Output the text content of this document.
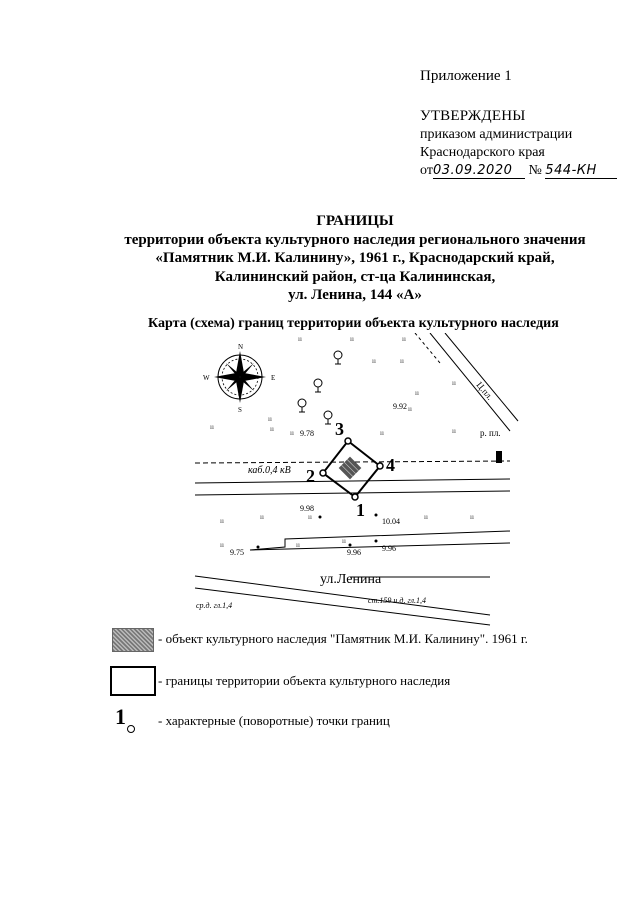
Приложение 1
УТВЕРЖДЕНЫ
приказом администрации
Краснодарского края
от03.09.2020 № 544-КН
ГРАНИЦЫ
территории объекта культурного наследия регионального значения
«Памятник М.И. Калинину», 1961 г., Краснодарский край,
Калининский район, ст-ца Калининская,
ул. Ленина, 144 «А»
Карта (схема) границ территории объекта культурного наследия
N
S
W	E
ıı	ıı	ıı
ıı	ıı
ıı
ıı
ıı
ıı
ıı	ıı	ıı
ıı
ıı
ıı	ıı	ıı	ıı	ıı
ıı	ıı
ıı
Ц.пл.
р. пл.
каб.0,4 кВ
ул.Ленина
ср.д. гл.1,4
ст.159 н.д. гл.1,4
9.92
9.78
9.98
10.04
9.75	9.96	9.96
1
2
3
4
- объект культурного наследия "Памятник М.И. Калинину". 1961 г.
- границы территории объекта культурного наследия
1 - характерные (поворотные) точки границ
